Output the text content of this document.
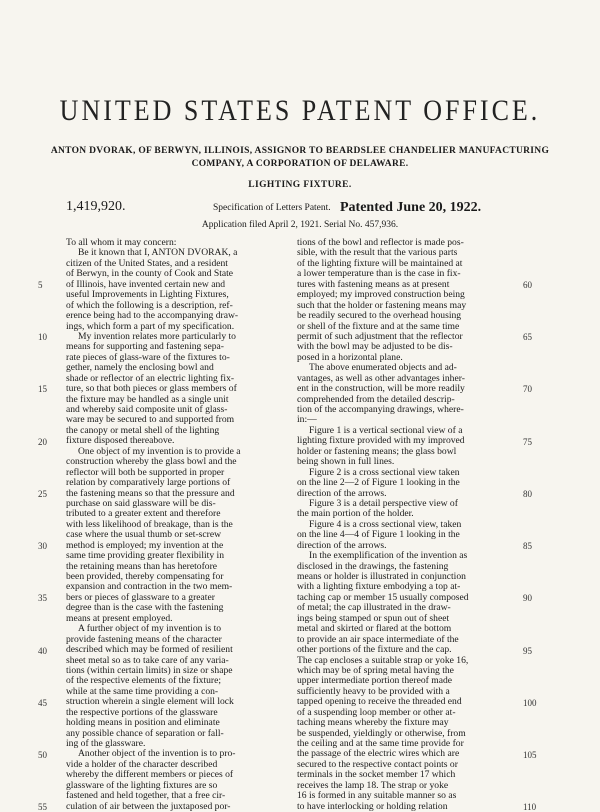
UNITED STATES PATENT OFFICE.
ANTON DVORAK, OF BERWYN, ILLINOIS, ASSIGNOR TO BEARDSLEE CHANDELIER MANUFACTURING COMPANY, A CORPORATION OF DELAWARE.
LIGHTING FIXTURE.
1,419,920.	Specification of Letters Patent. Patented June 20, 1922.
Application filed April 2, 1921. Serial No. 457,936.
To all whom it may concern:
Be it known that I, ANTON DVORAK, a
citizen of the United States, and a resident
of Berwyn, in the county of Cook and State
of Illinois, have invented certain new and
useful Improvements in Lighting Fixtures,
of which the following is a description, ref-
erence being had to the accompanying draw-
ings, which form a part of my specification.
My invention relates more particularly to
means for supporting and fastening sepa-
rate pieces of glass-ware of the fixtures to-
gether, namely the enclosing bowl and
shade or reflector of an electric lighting fix-
ture, so that both pieces or glass members of
the fixture may be handled as a single unit
and whereby said composite unit of glass-
ware may be secured to and supported from
the canopy or metal shell of the lighting
fixture disposed thereabove.
One object of my invention is to provide a
construction whereby the glass bowl and the
reflector will both be supported in proper
relation by comparatively large portions of
the fastening means so that the pressure and
purchase on said glassware will be dis-
tributed to a greater extent and therefore
with less likelihood of breakage, than is the
case where the usual thumb or set-screw
method is employed; my invention at the
same time providing greater flexibility in
the retaining means than has heretofore
been provided, thereby compensating for
expansion and contraction in the two mem-
bers or pieces of glassware to a greater
degree than is the case with the fastening
means at present employed.
A further object of my invention is to
provide fastening means of the character
described which may be formed of resilient
sheet metal so as to take care of any varia-
tions (within certain limits) in size or shape
of the respective elements of the fixture;
while at the same time providing a con-
struction wherein a single element will lock
the respective portions of the glassware
holding means in position and eliminate
any possible chance of separation or fall-
ing of the glassware.
Another object of the invention is to pro-
vide a holder of the character described
whereby the different members or pieces of
glassware of the lighting fixtures are so
fastened and held together, that a free cir-
culation of air between the juxtaposed por-
tions of the bowl and reflector is made pos-
sible, with the result that the various parts
of the lighting fixture will be maintained at
a lower temperature than is the case in fix-
tures with fastening means as at present
employed; my improved construction being
such that the holder or fastening means may
be readily secured to the overhead housing
or shell of the fixture and at the same time
permit of such adjustment that the reflector
with the bowl may be adjusted to be dis-
posed in a horizontal plane.
The above enumerated objects and ad-
vantages, as well as other advantages inher-
ent in the construction, will be more readily
comprehended from the detailed descrip-
tion of the accompanying drawings, where-
in:—
Figure 1 is a vertical sectional view of a
lighting fixture provided with my improved
holder or fastening means; the glass bowl
being shown in full lines.
Figure 2 is a cross sectional view taken
on the line 2—2 of Figure 1 looking in the
direction of the arrows.
Figure 3 is a detail perspective view of
the main portion of the holder.
Figure 4 is a cross sectional view, taken
on the line 4—4 of Figure 1 looking in the
direction of the arrows.
In the exemplification of the invention as
disclosed in the drawings, the fastening
means or holder is illustrated in conjunction
with a lighting fixture embodying a top at-
taching cap or member 15 usually composed
of metal; the cap illustrated in the draw-
ings being stamped or spun out of sheet
metal and skirted or flared at the bottom
to provide an air space intermediate of the
other portions of the fixture and the cap.
The cap encloses a suitable strap or yoke 16,
which may be of spring metal having the
upper intermediate portion thereof made
sufficiently heavy to be provided with a
tapped opening to receive the threaded end
of a suspending loop member or other at-
taching means whereby the fixture may
be suspended, yieldingly or otherwise, from
the ceiling and at the same time provide for
the passage of the electric wires which are
secured to the respective contact points or
terminals in the socket member 17 which
receives the lamp 18. The strap or yoke
16 is formed in any suitable manner so as
to have interlocking or holding relation
5
10
15
20
25
30
35
40
45
50
55
60
65
70
75
80
85
90
95
100
105
110
